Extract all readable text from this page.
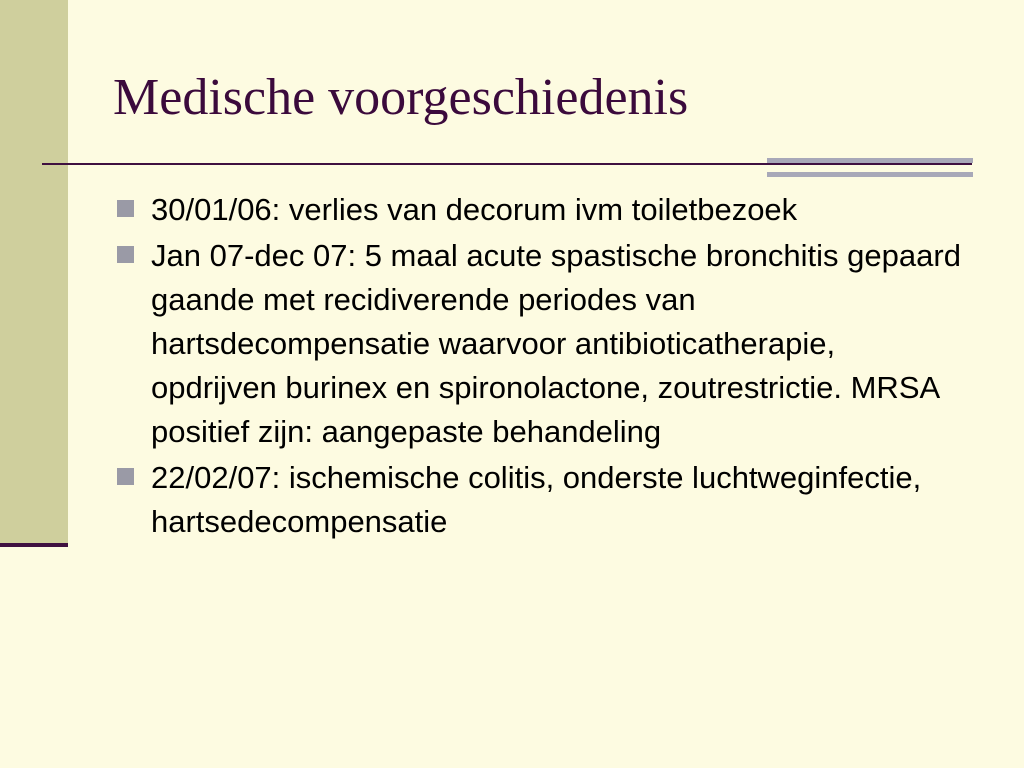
Medische voorgeschiedenis
30/01/06: verlies van decorum ivm toiletbezoek
Jan 07-dec 07: 5 maal acute spastische bronchitis gepaard gaande met recidiverende periodes van hartsdecompensatie waarvoor antibioticatherapie, opdrijven burinex en spironolactone, zoutrestrictie. MRSA positief zijn: aangepaste behandeling
22/02/07: ischemische colitis, onderste luchtweginfectie, hartsedecompensatie
